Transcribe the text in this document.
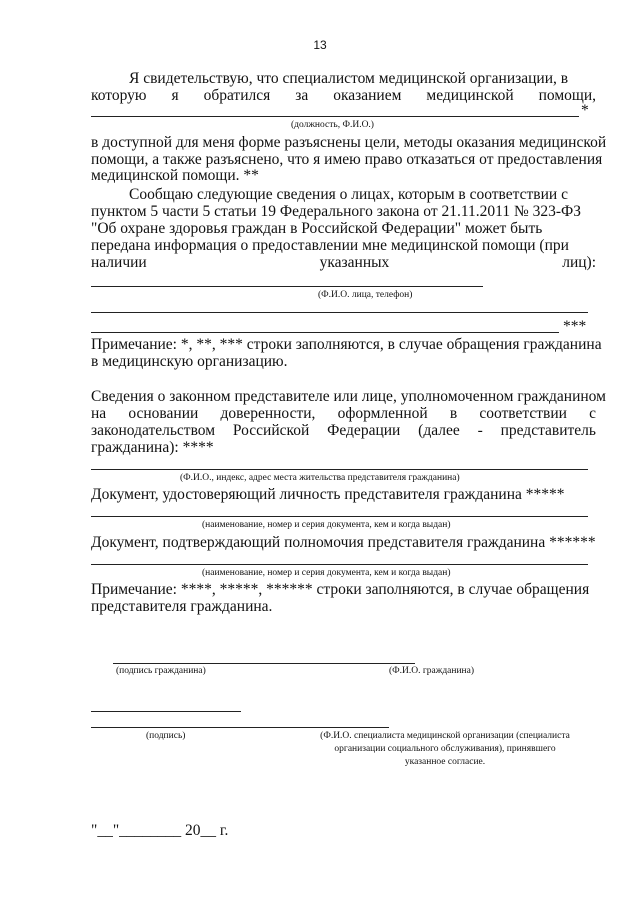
13
Я свидетельствую, что специалистом медицинской организации, в
которую я обратился за оказанием медицинской помощи,
*
(должность, Ф.И.О.)
в доступной для меня форме разъяснены цели, методы оказания медицинской
помощи, а также разъяснено, что я имею право отказаться от предоставления
медицинской помощи. **
Сообщаю следующие сведения о лицах, которым в соответствии с
пунктом 5 части 5 статьи 19 Федерального закона от 21.11.2011 № 323-ФЗ
"Об охране здоровья граждан в Российской Федерации" может быть
передана информация о предоставлении мне медицинской помощи (при
наличии	указанных	лиц):
(Ф.И.О. лица, телефон)
***
Примечание: *, **, *** строки заполняются, в случае обращения гражданина
в медицинскую организацию.
Сведения о законном представителе или лице, уполномоченном гражданином
на основании доверенности, оформленной в соответствии с
законодательством Российской Федерации (далее - представитель
гражданина): ****
(Ф.И.О., индекс, адрес места жительства представителя гражданина)
Документ, удостоверяющий личность представителя гражданина *****
(наименование, номер и серия документа, кем и когда выдан)
Документ, подтверждающий полномочия представителя гражданина ******
(наименование, номер и серия документа, кем и когда выдан)
Примечание: ****, *****, ****** строки заполняются, в случае обращения
представителя гражданина.
(подпись гражданина)	(Ф.И.О. гражданина)
(подпись)	(Ф.И.О. специалиста медицинской организации (специалиста
организации социального обслуживания), принявшего
указанное согласие.
"__"________ 20__ г.
